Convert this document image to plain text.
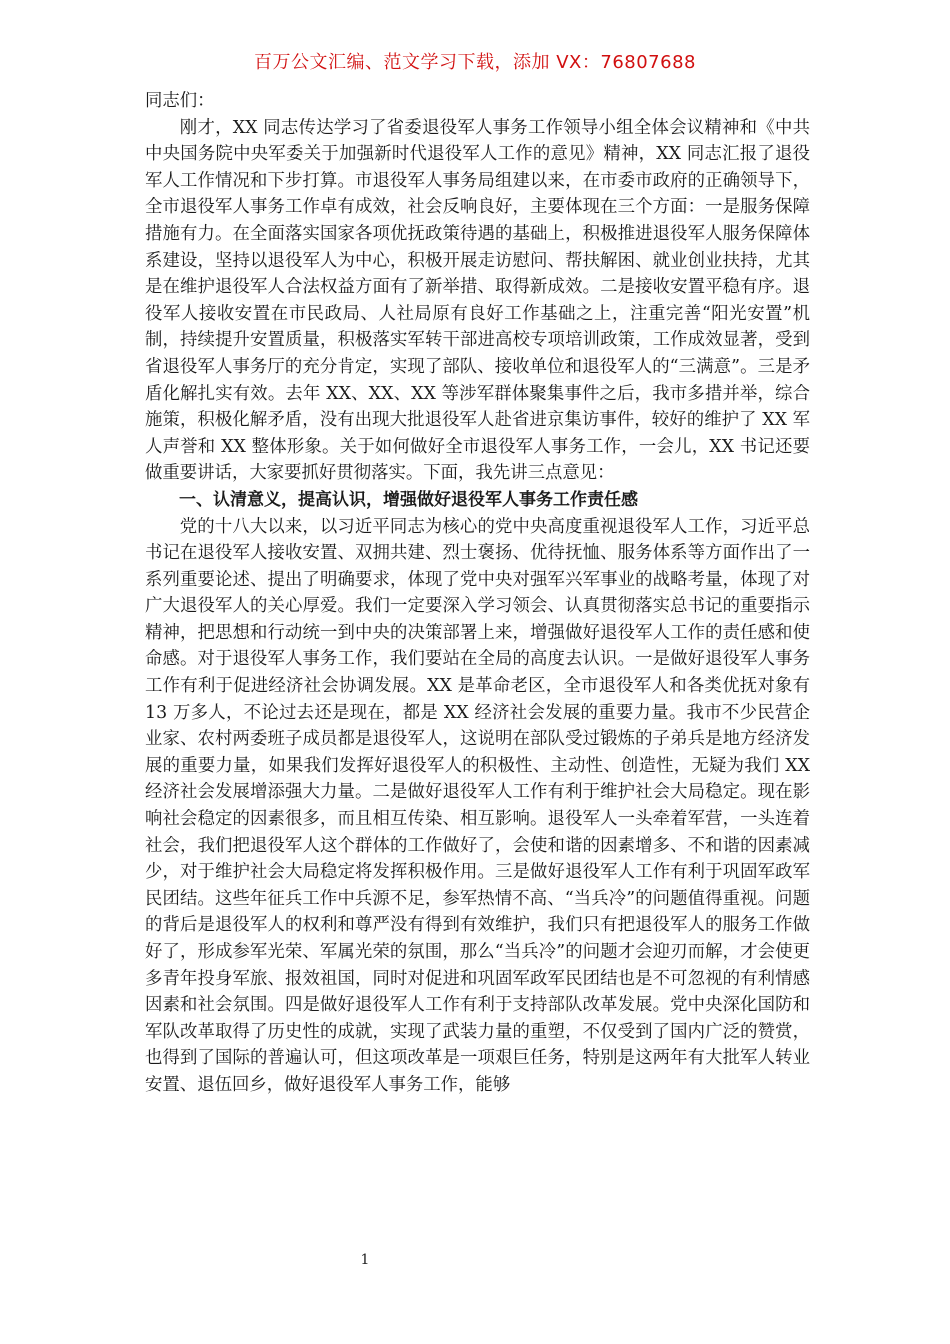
百万公文汇编、范文学习下载，添加 VX：76807688

同志们：

刚才，XX 同志传达学习了省委退役军人事务工作领导小组全体会议精神和《中共中央国务院中央军委关于加强新时代退役军人工作的意见》精神，XX 同志汇报了退役军人工作情况和下步打算。市退役军人事务局组建以来，在市委市政府的正确领导下，全市退役军人事务工作卓有成效，社会反响良好，主要体现在三个方面：一是服务保障措施有力。在全面落实国家各项优抚政策待遇的基础上，积极推进退役军人服务保障体系建设，坚持以退役军人为中心，积极开展走访慰问、帮扶解困、就业创业扶持，尤其是在维护退役军人合法权益方面有了新举措、取得新成效。二是接收安置平稳有序。退役军人接收安置在市民政局、人社局原有良好工作基础之上，注重完善“阳光安置”机制，持续提升安置质量，积极落实军转干部进高校专项培训政策，工作成效显著，受到省退役军人事务厅的充分肯定，实现了部队、接收单位和退役军人的“三满意”。三是矛盾化解扎实有效。去年 XX、XX、XX 等涉军群体聚集事件之后，我市多措并举，综合施策，积极化解矛盾，没有出现大批退役军人赴省进京集访事件，较好的维护了 XX 军人声誉和 XX 整体形象。关于如何做好全市退役军人事务工作，一会儿，XX 书记还要做重要讲话，大家要抓好贯彻落实。下面，我先讲三点意见：

一、认清意义，提高认识，增强做好退役军人事务工作责任感

党的十八大以来，以习近平同志为核心的党中央高度重视退役军人工作，习近平总书记在退役军人接收安置、双拥共建、烈士褒扬、优待抚恤、服务体系等方面作出了一系列重要论述、提出了明确要求，体现了党中央对强军兴军事业的战略考量，体现了对广大退役军人的关心厚爱。我们一定要深入学习领会、认真贯彻落实总书记的重要指示精神，把思想和行动统一到中央的决策部署上来，增强做好退役军人工作的责任感和使命感。对于退役军人事务工作，我们要站在全局的高度去认识。一是做好退役军人事务工作有利于促进经济社会协调发展。XX 是革命老区，全市退役军人和各类优抚对象有 13 万多人，不论过去还是现在，都是 XX 经济社会发展的重要力量。我市不少民营企业家、农村两委班子成员都是退役军人，这说明在部队受过锻炼的子弟兵是地方经济发展的重要力量，如果我们发挥好退役军人的积极性、主动性、创造性，无疑为我们 XX 经济社会发展增添强大力量。二是做好退役军人工作有利于维护社会大局稳定。现在影响社会稳定的因素很多，而且相互传染、相互影响。退役军人一头牵着军营，一头连着社会，我们把退役军人这个群体的工作做好了，会使和谐的因素增多、不和谐的因素减少，对于维护社会大局稳定将发挥积极作用。三是做好退役军人工作有利于巩固军政军民团结。这些年征兵工作中兵源不足，参军热情不高、“当兵冷”的问题值得重视。问题的背后是退役军人的权利和尊严没有得到有效维护，我们只有把退役军人的服务工作做好了，形成参军光荣、军属光荣的氛围，那么“当兵冷”的问题才会迎刃而解，才会使更多青年投身军旅、报效祖国，同时对促进和巩固军政军民团结也是不可忽视的有利情感因素和社会氛围。四是做好退役军人工作有利于支持部队改革发展。党中央深化国防和军队改革取得了历史性的成就，实现了武装力量的重塑，不仅受到了国内广泛的赞赏，也得到了国际的普遍认可，但这项改革是一项艰巨任务，特别是这两年有大批军人转业安置、退伍回乡，做好退役军人事务工作，能够

1
